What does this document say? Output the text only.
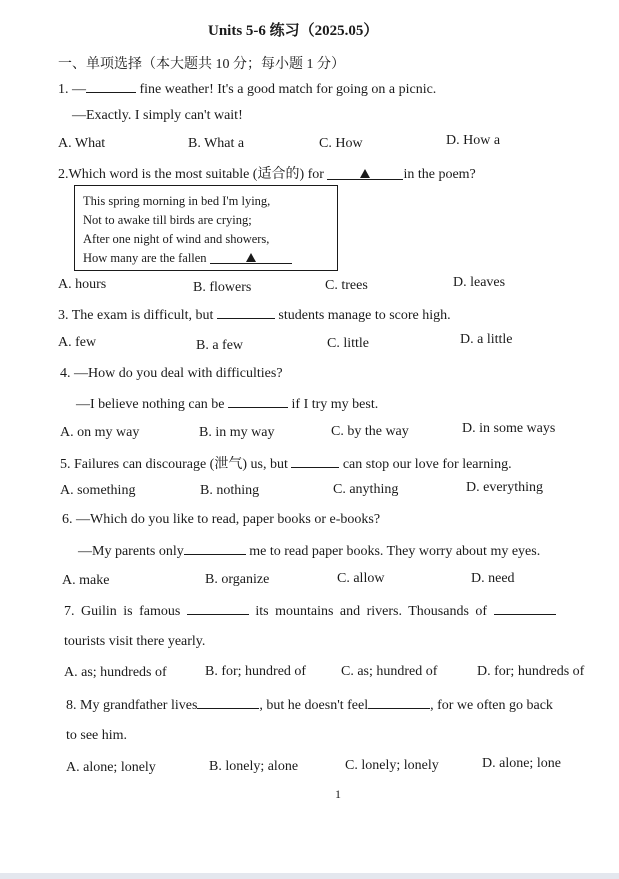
Units 5-6 练习（2025.05）
一、单项选择（本大题共 10 分；每小题 1 分）
1. —	fine weather! It's a good match for going on a picnic.
—Exactly. I simply can't wait!
A. What	B. What a	C. How	D. How a
2.Which word is the most suitable (适合的) for	in the poem?
This spring morning in bed I'm lying,
Not to awake till birds are crying;
After one night of wind and showers,
How many are the fallen
A. hours	B. flowers	C. trees	D. leaves
3. The exam is difficult, but	students manage to score high.
A. few	B. a few	C. little	D. a little
4. —How do you deal with difficulties?
—I believe nothing can be	if I try my best.
A. on my way	B. in my way	C. by the way	D. in some ways
5. Failures can discourage (泄气) us, but	can stop our love for learning.
A. something	B. nothing	C. anything	D. everything
6. —Which do you like to read, paper books or e-books?
—My parents only	me to read paper books. They worry about my eyes.
A. make	B. organize	C. allow	D. need
7. Guilin is famous	its mountains and rivers. Thousands of
tourists visit there yearly.
A. as; hundreds of	B. for; hundred of C. as; hundred of	D. for; hundreds of
8. My grandfather lives	, but he doesn't feel	, for we often go back
to see him.
A. alone; lonely	B. lonely; alone	C. lonely; lonely	D. alone; lone
1
